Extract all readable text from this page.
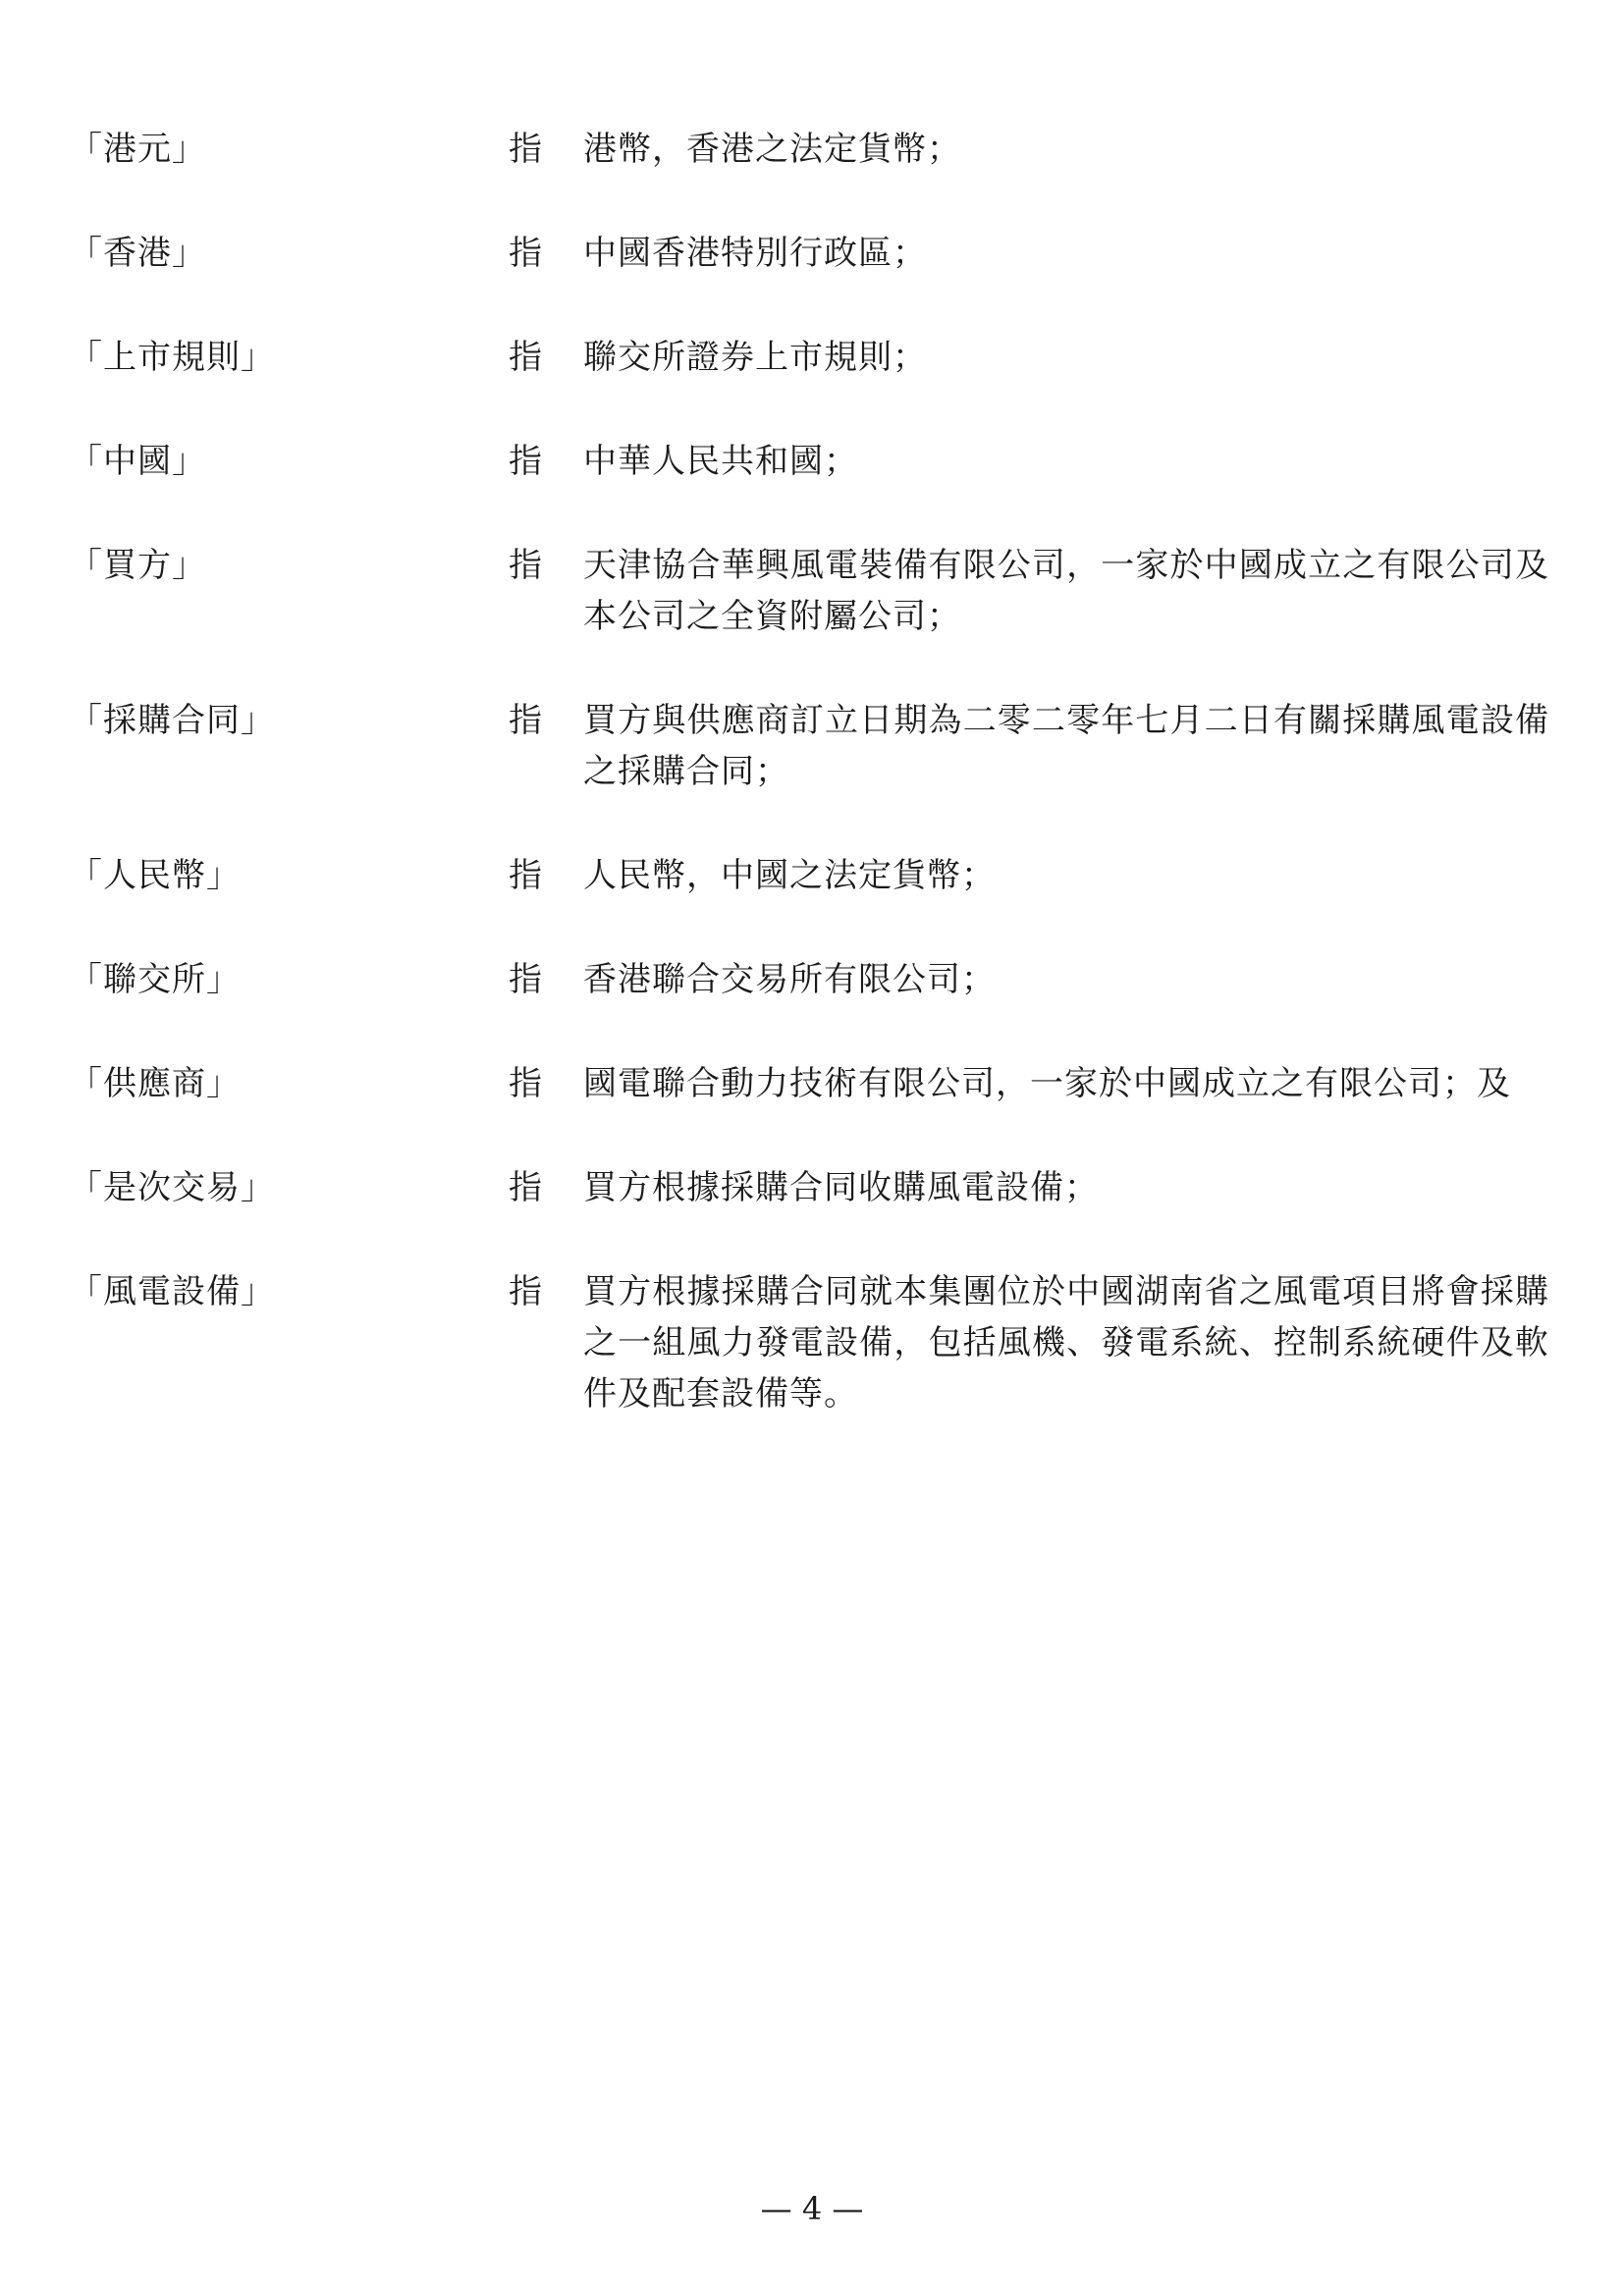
「港元」	指	港幣，香港之法定貨幣；
「香港」	指	中國香港特別行政區；
「上市規則」	指	聯交所證券上市規則；
「中國」	指	中華人民共和國；
「買方」	指	天津協合華興風電裝備有限公司，一家於中國成立之有限公司及本公司之全資附屬公司；
「採購合同」	指	買方與供應商訂立日期為二零二零年七月二日有關採購風電設備之採購合同；
「人民幣」	指	人民幣，中國之法定貨幣；
「聯交所」	指	香港聯合交易所有限公司；
「供應商」	指	國電聯合動力技術有限公司，一家於中國成立之有限公司；及
「是次交易」	指	買方根據採購合同收購風電設備；
「風電設備」	指	買方根據採購合同就本集團位於中國湖南省之風電項目將會採購之一組風力發電設備，包括風機、發電系統、控制系統硬件及軟件及配套設備等。
— 4 —
